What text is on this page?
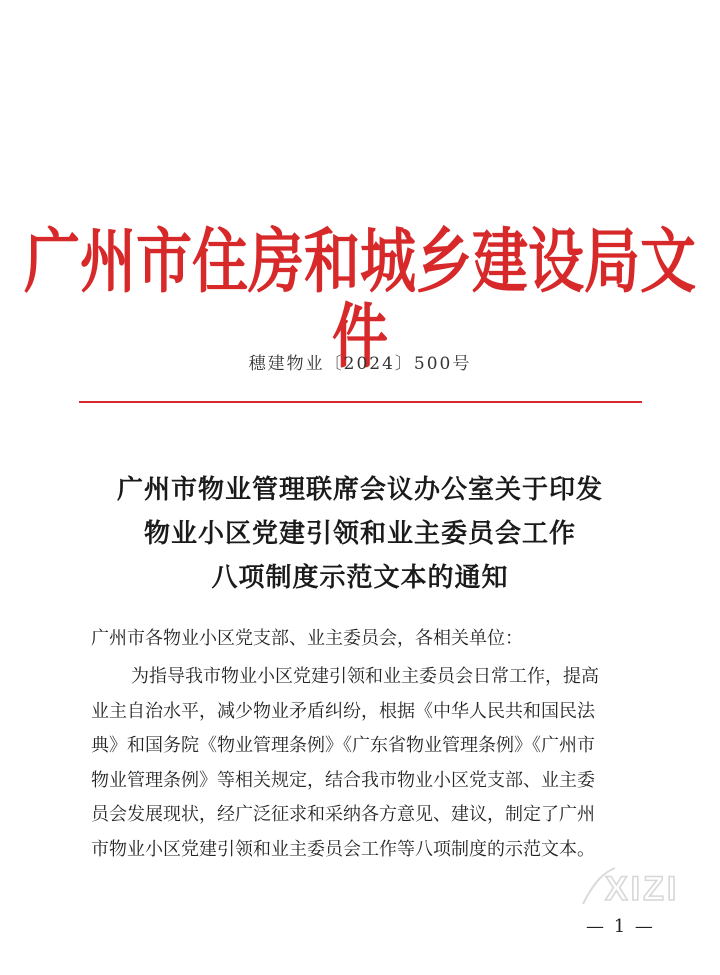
广州市住房和城乡建设局文件
穗建物业〔2024〕500号
广州市物业管理联席会议办公室关于印发
物业小区党建引领和业主委员会工作
八项制度示范文本的通知
广州市各物业小区党支部、业主委员会，各相关单位：
为指导我市物业小区党建引领和业主委员会日常工作，提高
业主自治水平，减少物业矛盾纠纷，根据《中华人民共和国民法
典》和国务院《物业管理条例》《广东省物业管理条例》《广州市
物业管理条例》等相关规定，结合我市物业小区党支部、业主委
员会发展现状，经广泛征求和采纳各方意见、建议，制定了广州
市物业小区党建引领和业主委员会工作等八项制度的示范文本。
XIZI
— 1 —
